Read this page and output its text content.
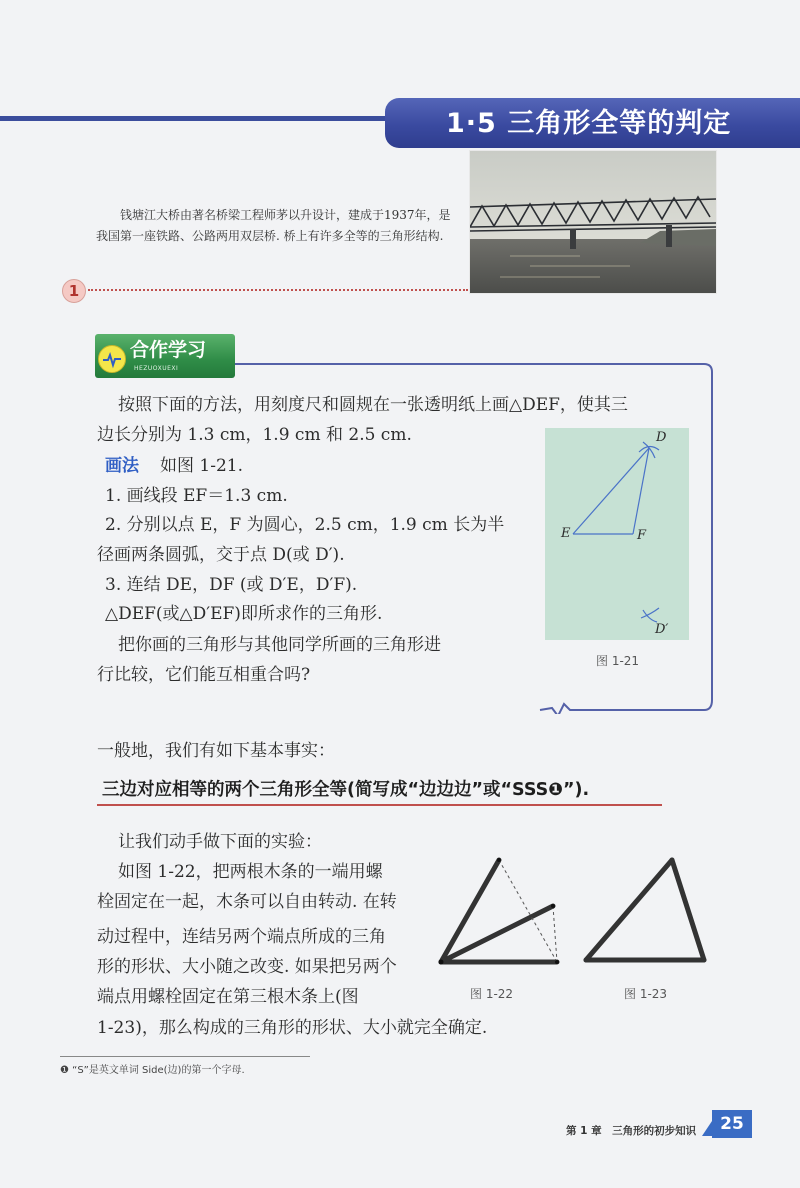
1·5 三角形全等的判定
钱塘江大桥由著名桥梁工程师茅以升设计，建成于1937年，是我国第一座铁路、公路两用双层桥. 桥上有许多全等的三角形结构.
1
合作学习
HEZUOXUEXI
按照下面的方法，用刻度尺和圆规在一张透明纸上画△DEF，使其三
边长分别为 1.3 cm，1.9 cm 和 2.5 cm.
画法 如图 1-21.
1. 画线段 EF＝1.3 cm.
2. 分别以点 E，F 为圆心，2.5 cm，1.9 cm 长为半
径画两条圆弧，交于点 D(或 D′).
3. 连结 DE，DF (或 D′E，D′F).
△DEF(或△D′EF)即所求作的三角形.
把你画的三角形与其他同学所画的三角形进
行比较，它们能互相重合吗?
D
E	F
D′
图 1-21
一般地，我们有如下基本事实：
三边对应相等的两个三角形全等(简写成“边边边”或“SSS❶”).
让我们动手做下面的实验：
如图 1-22，把两根木条的一端用螺
栓固定在一起，木条可以自由转动. 在转
动过程中，连结另两个端点所成的三角
形的形状、大小随之改变. 如果把另两个
端点用螺栓固定在第三根木条上(图
1-23)，那么构成的三角形的形状、大小就完全确定.
图 1-22	图 1-23
❶ “S”是英文单词 Side(边)的第一个字母.
第 1 章　三角形的初步知识	25
